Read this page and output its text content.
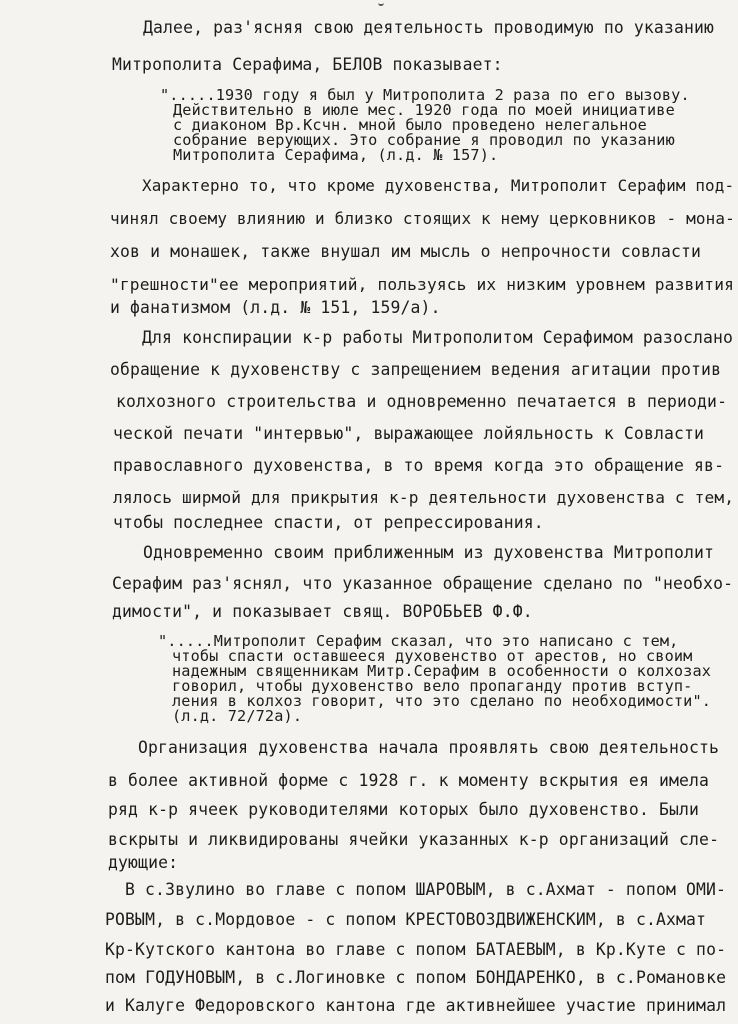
Далее, раз'ясняя свою деятельность проводимую по указанию
Митрополита Серафима, БЕЛОВ показывает:
".....1930 году я был у Митрополита 2 раза по его вызову.
Действительно в июле мес. 1920 года по моей инициативе
с диаконом Вр.Ксчн. мной было проведено нелегальное
собрание верующих. Это собрание я проводил по указанию
Митрополита Серафима, (л.д. № 157).
Характерно то, что кроме духовенства, Митрополит Серафим под-
чинял своему влиянию и близко стоящих к нему церковников - мона-
хов и монашек, также внушал им мысль о непрочности совласти
"грешности"ее мероприятий, пользуясь их низким уровнем развития
и фанатизмом (л.д. № 151, 159/а).
Для конспирации к-р работы Митрополитом Серафимом разослано
обращение к духовенству с запрещением ведения агитации против
колхозного строительства и одновременно печатается в периоди-
ческой печати "интервью", выражающее лойяльность к Совласти
православного духовенства, в то время когда это обращение яв-
лялось ширмой для прикрытия к-р деятельности духовенства с тем,
чтобы последнее спасти, от репрессирования.
Одновременно своим приближенным из духовенства Митрополит
Серафим раз'яснял, что указанное обращение сделано по "необхо-
димости", и показывает свящ. ВОРОБЬЕВ Ф.Ф.
".....Митрополит Серафим сказал, что это написано с тем,
чтобы спасти оставшееся духовенство от арестов, но своим
надежным священникам Митр.Серафим в особенности о колхозах
говорил, чтобы духовенство вело пропаганду против вступ-
ления в колхоз говорит, что это сделано по необходимости".
(л.д. 72/72а).
Организация духовенства начала проявлять свою деятельность
в более активной форме с 1928 г. к моменту вскрытия ея имела
ряд к-р ячеек руководителями которых было духовенство. Были
вскрыты и ликвидированы ячейки указанных к-р организаций сле-
дующие:
В с.Звулино во главе с попом ШАРОВЫМ, в с.Ахмат - попом ОМИ-
РОВЫМ, в с.Мордовое - с попом КРЕСТОВОЗДВИЖЕНСКИМ, в с.Ахмат
Кр-Кутского кантона во главе с попом БАТАЕВЫМ, в Кр.Куте с по-
пом ГОДУНОВЫМ, в с.Логиновке с попом БОНДАРЕНКО, в с.Романовке
и Калуге Федоровского кантона где активнейшее участие принимал
